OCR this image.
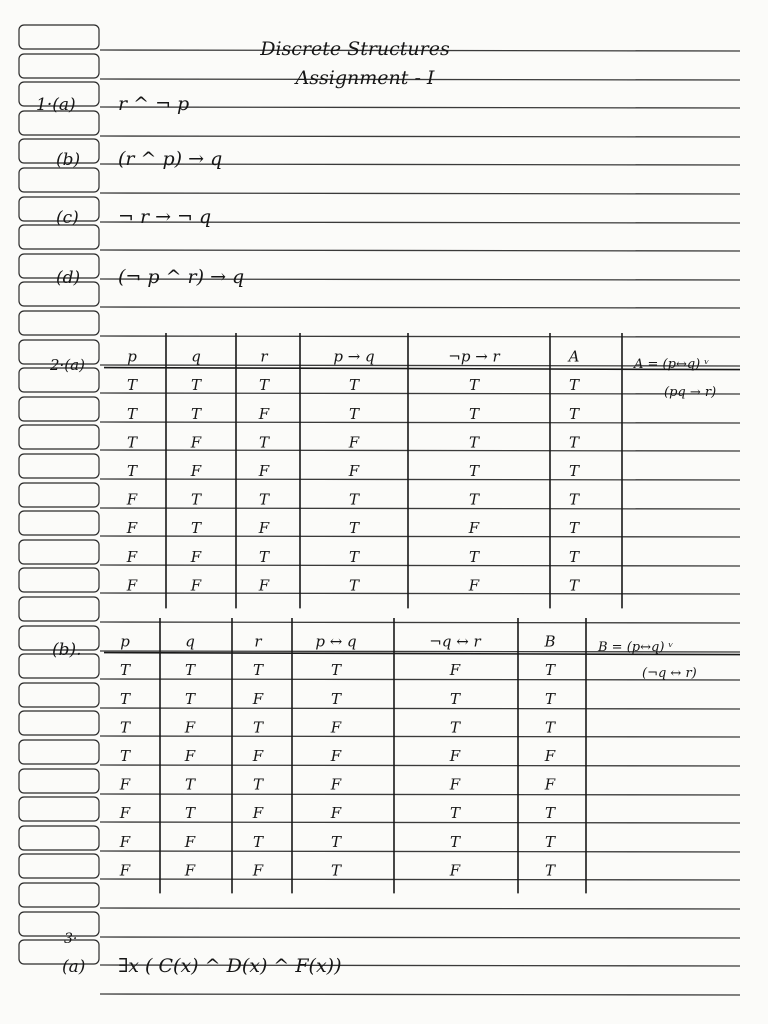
Discrete Structures
Assignment - I
1·(a) r ^ ¬ p
(b) (r ^ p) → q
(c) ¬ r → ¬ q
(d) (¬ p ^ r) → q
2·(a)	p	q	r	p → q	¬p → r	A
T	T	T	T	T	T
T	T	F	T	T	T
T	F	T	F	T	T
T	F	F	F	T	T
F	T	T	T	T	T
F	T	F	T	F	T
F	F	T	T	T	T
F	F	F	T	F	T
A = (p↔q) ᵛ
(pq → r)
(b).	p	q	r	p ↔ q	¬q ↔ r	B
T	T	T	T	F	T
T	T	F	T	T	T
T	F	T	F	T	T
T	F	F	F	F	F
F	T	T	F	F	F
F	T	F	F	T	T
F	F	T	T	T	T
F	F	F	T	F	T
B = (p↔q) ᵛ
(¬q ↔ r)
3·
(a) ∃x ( C(x) ^ D(x) ^ F(x))
